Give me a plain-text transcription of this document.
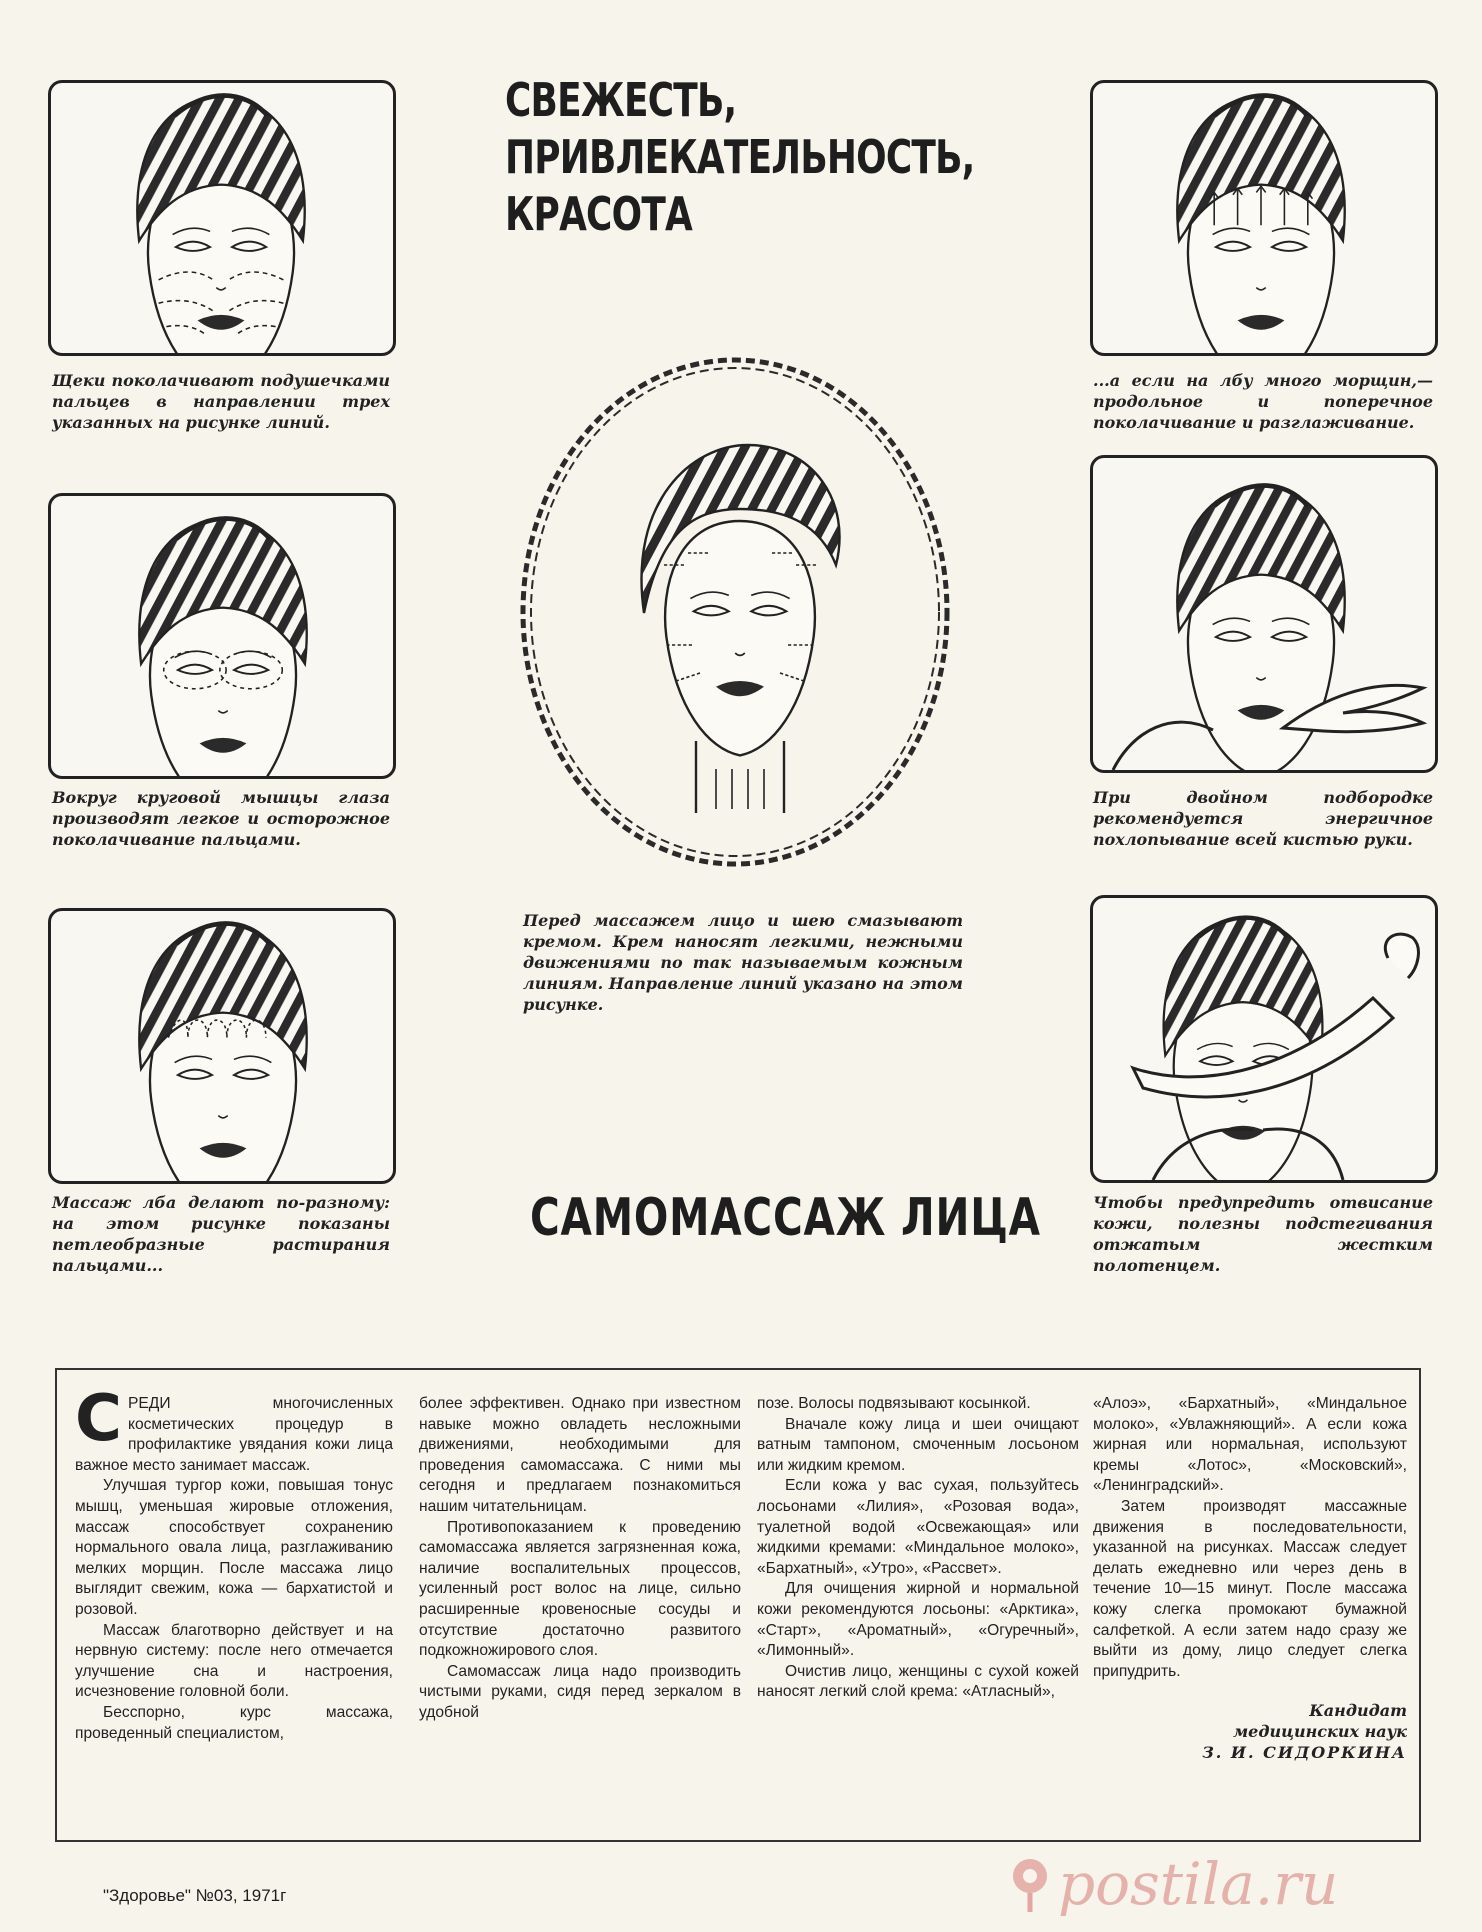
СВЕЖЕСТЬ,
ПРИВЛЕКАТЕЛЬНОСТЬ,
КРАСОТА

Щеки поколачивают подушечками пальцев в направлении трех указанных на рисунке линий.

Вокруг круговой мышцы глаза производят легкое и осторожное поколачивание пальцами.

Массаж лба делают по-разному: на этом рисунке показаны петлеобразные растирания пальцами...

...а если на лбу много морщин,— продольное и поперечное поколачивание и разглаживание.

При двойном подбородке рекомендуется энергичное похлопывание всей кистью руки.

Чтобы предупредить отвисание кожи, полезны подстегивания отжатым жестким полотенцем.

Перед массажем лицо и шею смазывают кремом. Крем наносят легкими, нежными движениями по так называемым кожным линиям. Направление линий указано на этом рисунке.

САМОМАССАЖ ЛИЦА

СРЕДИ многочисленных косметических процедур в профилактике увядания кожи лица важное место занимает массаж.

Улучшая тургор кожи, повышая тонус мышц, уменьшая жировые отложения, массаж способствует сохранению нормального овала лица, разглаживанию мелких морщин. После массажа лицо выглядит свежим, кожа — бархатистой и розовой.

Массаж благотворно действует и на нервную систему: после него отмечается улучшение сна и настроения, исчезновение головной боли.

Бесспорно, курс массажа, проведенный специалистом,

более эффективен. Однако при известном навыке можно овладеть несложными движениями, необходимыми для проведения самомассажа. С ними мы сегодня и предлагаем познакомиться нашим читательницам.

Противопоказанием к проведению самомассажа является загрязненная кожа, наличие воспалительных процессов, усиленный рост волос на лице, сильно расширенные кровеносные сосуды и отсутствие достаточно развитого подкожножирового слоя.

Самомассаж лица надо производить чистыми руками, сидя перед зеркалом в удобной

позе. Волосы подвязывают косынкой.

Вначале кожу лица и шеи очищают ватным тампоном, смоченным лосьоном или жидким кремом.

Если кожа у вас сухая, пользуйтесь лосьонами «Лилия», «Розовая вода», туалетной водой «Освежающая» или жидкими кремами: «Миндальное молоко», «Бархатный», «Утро», «Рассвет».

Для очищения жирной и нормальной кожи рекомендуются лосьоны: «Арктика», «Старт», «Ароматный», «Огуречный», «Лимонный».

Очистив лицо, женщины с сухой кожей наносят легкий слой крема: «Атласный»,

«Алоэ», «Бархатный», «Миндальное молоко», «Увлажняющий». А если кожа жирная или нормальная, используют кремы «Лотос», «Московский», «Ленинградский».

Затем производят массажные движения в последовательности, указанной на рисунках. Массаж следует делать ежедневно или через день в течение 10—15 минут. После массажа кожу слегка промокают бумажной салфеткой. А если затем надо сразу же выйти из дому, лицо следует слегка припудрить.

Кандидат
медицинских наук
З. И. СИДОРКИНА
"Здоровье" №03, 1971г	postila.ru
